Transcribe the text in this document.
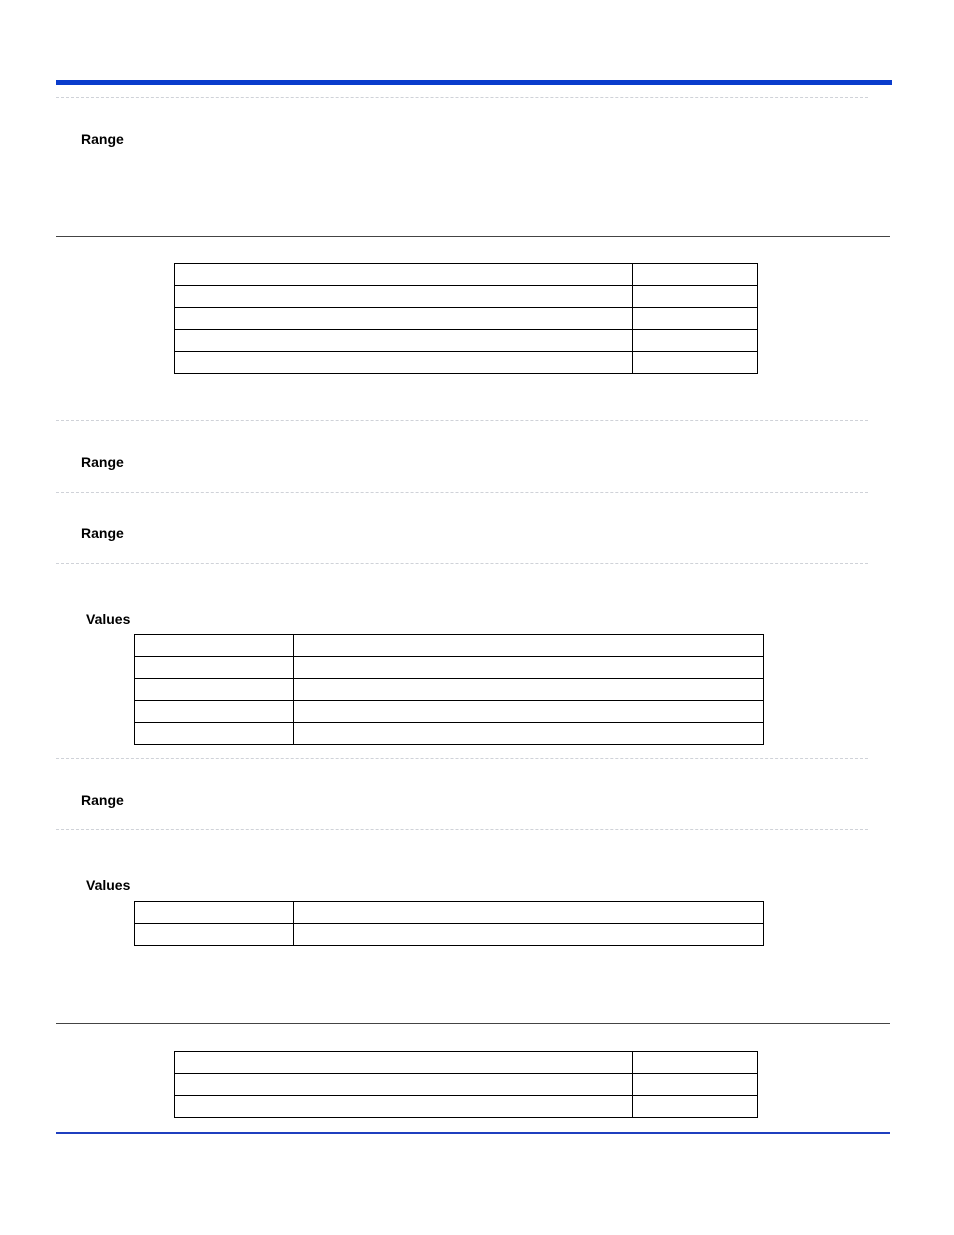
Range

Range
Range
Values

Range
Values
